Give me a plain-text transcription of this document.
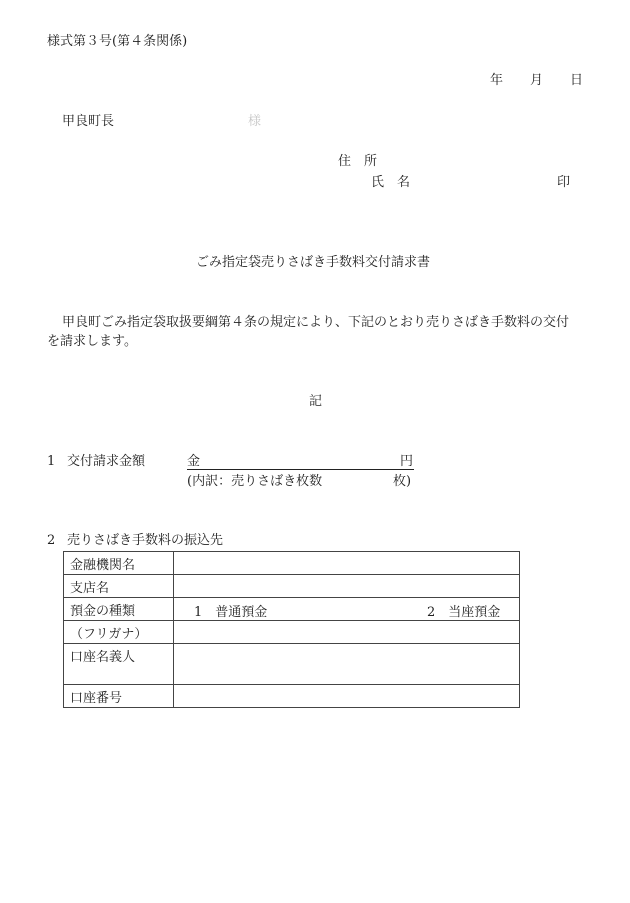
様式第３号(第４条関係)
年 月 日
甲良町長	様
住　所
氏　名	印
ごみ指定袋売りさばき手数料交付請求書
甲良町ごみ指定袋取扱要綱第４条の規定により、下記のとおり売りさばき手数料の交付
を請求します。
記
1 交付請求金額	金	円
(内訳：売りさばき枚数	枚)
2 売りさばき手数料の振込先
金融機関名	
支店名	
預金の種類	1　普通預金 2　当座預金

（フリガナ）	
口座名義人	
口座番号	
